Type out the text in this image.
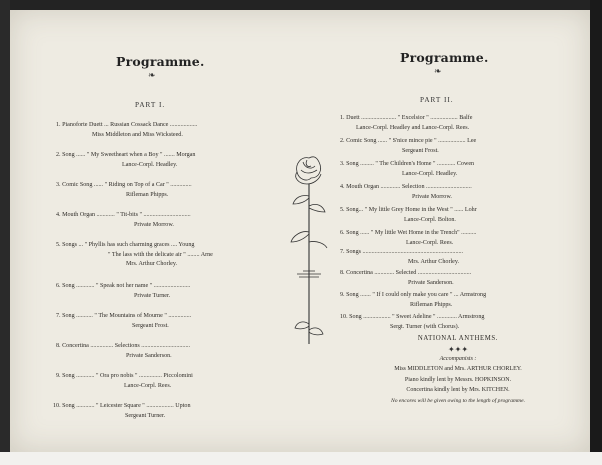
Programme.
❧
PART I.
1. Pianoforte Duett ... Russian Cossack Dance ..................
Miss Middleton and Miss Wicksteed.
2. Song ...... " My Sweetheart when a Boy " ....... Morgan
Lance-Corpl. Headley.
3. Comic Song ...... " Riding on Top of a Car " ..............
Rifleman Phipps.
4. Mouth Organ ............ " Tit-bits " ...............................
Private Morrow.
5. Songs ... " Phyllis has such charming graces .... Young
" The lass with the delicate air " ........ Arne
Mrs. Arthur Chorley.
6. Song ............ " Speak not her name " ........................
Private Turner.
7. Song ........... " The Mountains of Mourne " ...............
Sergeant Frost.
8. Concertina ............... Selections ................................
Private Sanderson.
9. Song ............ " Ora pro nobis " ............... Piccolomini
Lance-Corpl. Rees.
10. Song ............ " Leicester Square " .................. Upton
Sergeant Turner.
Programme.
❧
PART II.
1. Duett ....................... " Excelsior " .................. Balfe
Lance-Corpl. Headley and Lance-Corpl. Rees.
2. Comic Song ...... " S'nice mince pie " .................. Lee
Sergeant Frost.
3. Song ......... " The Children's Home " ............ Cowen
Lance-Corpl. Headley.
4. Mouth Organ ............. Selection ..............................
Private Morrow.
5. Song... " My little Grey Home in the West " ...... Lohr
Lance-Corpl. Bolton.
6. Song ...... " My little Wet Home in the Trench" ..........
Lance-Corpl. Rees.
7. Songs ..................................................................
Mrs. Arthur Chorley.
8. Concertina ............. Selected ...................................
Private Sanderson.
9. Song ....... " If I could only make you care " ... Armstrong
Rifleman Phipps.
10. Song .................. " Sweet Adeline " ............. Armstrong
Sergt. Turner (with Chorus).
NATIONAL ANTHEMS.
✦✦✦
Accompanists :
Miss MIDDLETON and Mrs. ARTHUR CHORLEY.
Piano kindly lent by Messrs. HOPKINSON.
Concertina kindly lent by Mrs. KITCHEN.
No encores will be given owing to the length of programme.
